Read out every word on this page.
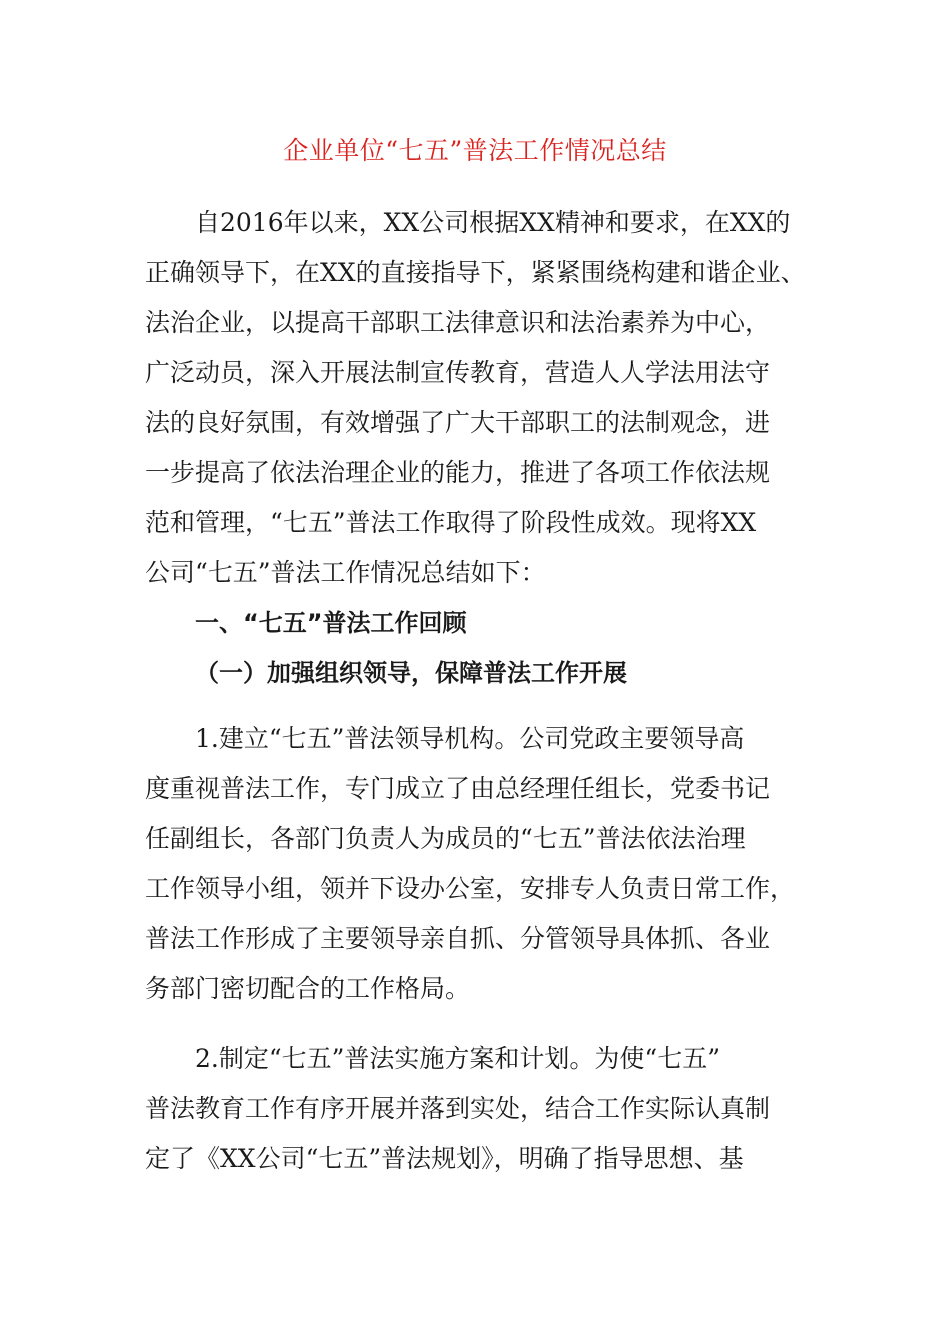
企业单位“七五”普法工作情况总结

自2016年以来，XX公司根据XX精神和要求，在XX的

正确领导下，在XX的直接指导下，紧紧围绕构建和谐企业、

法治企业，以提高干部职工法律意识和法治素养为中心，

广泛动员，深入开展法制宣传教育，营造人人学法用法守

法的良好氛围，有效增强了广大干部职工的法制观念，进

一步提高了依法治理企业的能力，推进了各项工作依法规

范和管理，“七五”普法工作取得了阶段性成效。现将XX

公司“七五”普法工作情况总结如下：

一、“七五”普法工作回顾

（一）加强组织领导，保障普法工作开展

1.建立“七五”普法领导机构。公司党政主要领导高

度重视普法工作，专门成立了由总经理任组长，党委书记

任副组长，各部门负责人为成员的“七五”普法依法治理

工作领导小组，领并下设办公室，安排专人负责日常工作，

普法工作形成了主要领导亲自抓、分管领导具体抓、各业

务部门密切配合的工作格局。

2.制定“七五”普法实施方案和计划。为使“七五”

普法教育工作有序开展并落到实处，结合工作实际认真制

定了《XX公司“七五”普法规划》，明确了指导思想、基
